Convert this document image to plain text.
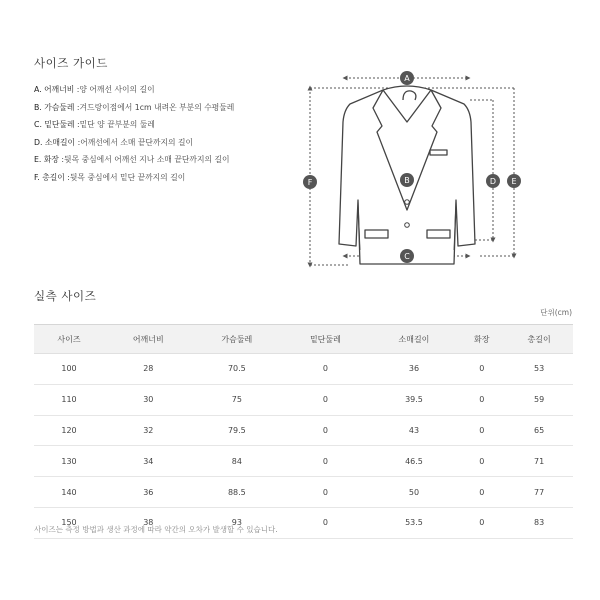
사이즈 가이드
A. 어깨너비 :양 어깨선 사이의 길이
B. 가슴둘레 :겨드랑이점에서 1cm 내려온 부분의 수평둘레
C. 밑단둘레 :밑단 양 끝부분의 둘레
D. 소매길이 :어깨선에서 소매 끝단까지의 길이
E. 화장 :뒷목 중심에서 어깨선 지나 소매 끝단까지의 길이
F. 총길이 :뒷목 중심에서 밑단 끝까지의 길이
A
B
C
D E
F
실측 사이즈
단위(cm)
사이즈	어깨너비	가슴둘레	밑단둘레	소매길이	화장	총길이
100	28	70.5	0	36	0	53
110	30	75	0	39.5	0	59
120	32	79.5	0	43	0	65
130	34	84	0	46.5	0	71
140	36	88.5	0	50	0	77
150	38	93	0	53.5	0	83
사이즈는 측정 방법과 생산 과정에 따라 약간의 오차가 발생할 수 있습니다.
